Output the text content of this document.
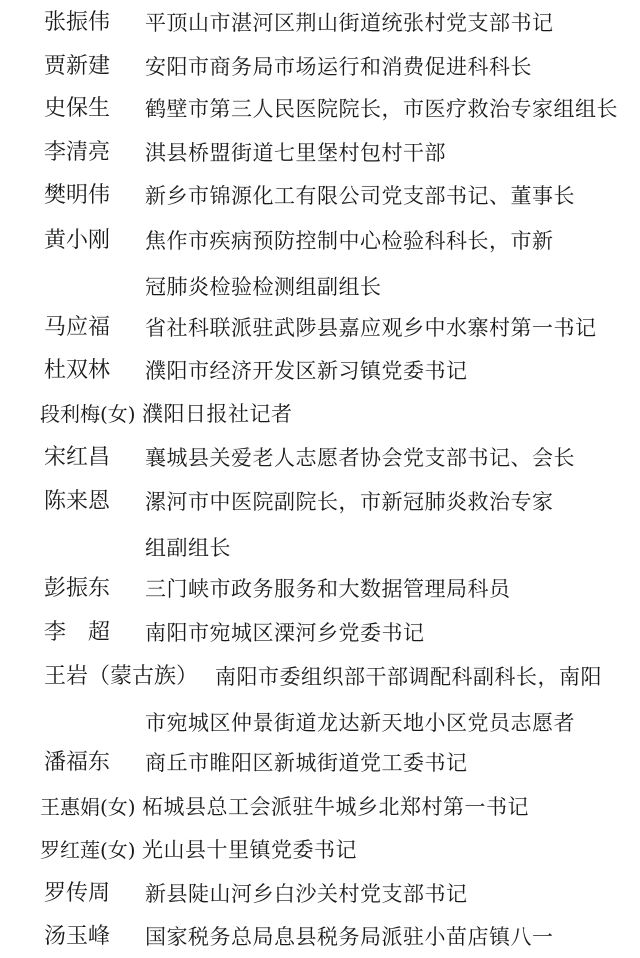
张振伟 平顶山市湛河区荆山街道统张村党支部书记
贾新建 安阳市商务局市场运行和消费促进科科长
史保生 鹤壁市第三人民医院院长，市医疗救治专家组组长
李清亮 淇县桥盟街道七里堡村包村干部
樊明伟 新乡市锦源化工有限公司党支部书记、董事长
黄小刚 焦作市疾病预防控制中心检验科科长，市新
冠肺炎检验检测组副组长
马应福 省社科联派驻武陟县嘉应观乡中水寨村第一书记
杜双林 濮阳市经济开发区新习镇党委书记
段利梅(女) 濮阳日报社记者
宋红昌 襄城县关爱老人志愿者协会党支部书记、会长
陈来恩 漯河市中医院副院长，市新冠肺炎救治专家
组副组长
彭振东 三门峡市政务服务和大数据管理局科员
李　超 南阳市宛城区溧河乡党委书记
王岩（蒙古族） 南阳市委组织部干部调配科副科长，南阳
市宛城区仲景街道龙达新天地小区党员志愿者
潘福东 商丘市睢阳区新城街道党工委书记
王惠娟(女) 柘城县总工会派驻牛城乡北郑村第一书记
罗红莲(女) 光山县十里镇党委书记
罗传周 新县陡山河乡白沙关村党支部书记
汤玉峰 国家税务总局息县税务局派驻小苗店镇八一
